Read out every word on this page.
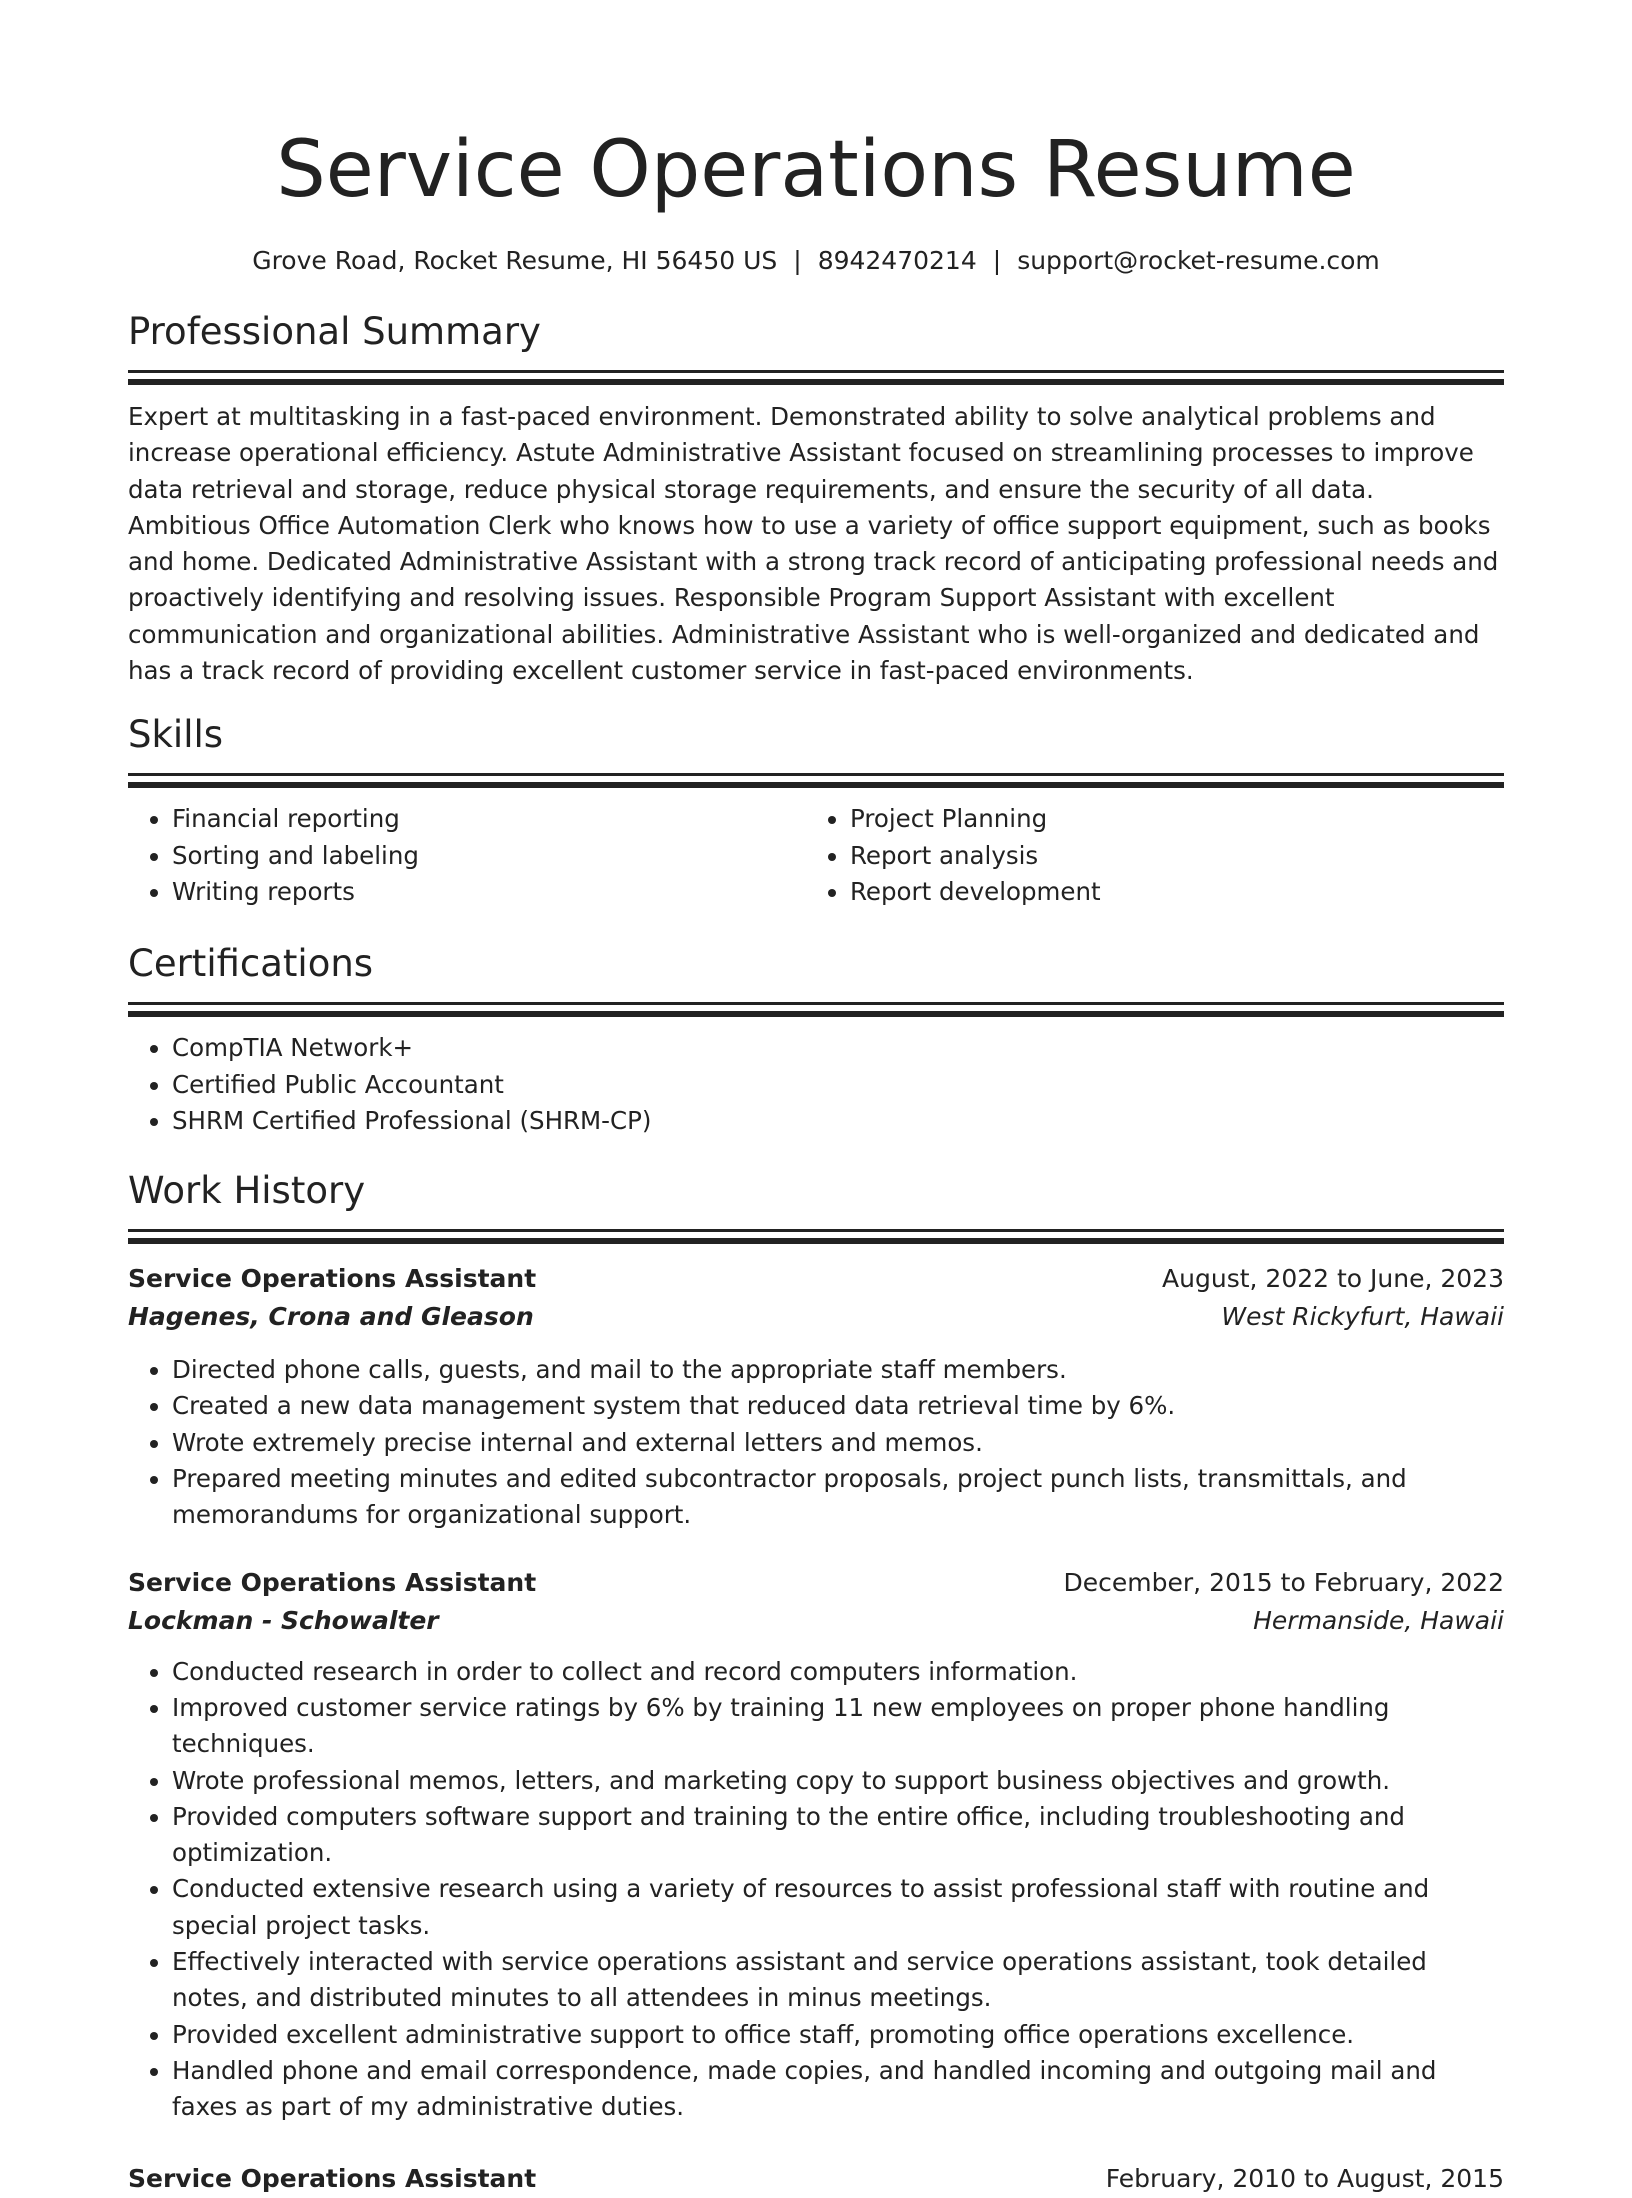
Service Operations Resume
Grove Road, Rocket Resume, HI 56450 US | 8942470214 | support@rocket-resume.com
Professional Summary

Expert at multitasking in a fast-paced environment. Demonstrated ability to solve analytical problems and increase operational efficiency. Astute Administrative Assistant focused on streamlining processes to improve data retrieval and storage, reduce physical storage requirements, and ensure the security of all data. Ambitious Office Automation Clerk who knows how to use a variety of office support equipment, such as books and home. Dedicated Administrative Assistant with a strong track record of anticipating professional needs and proactively identifying and resolving issues. Responsible Program Support Assistant with excellent communication and organizational abilities. Administrative Assistant who is well-organized and dedicated and has a track record of providing excellent customer service in fast-paced environments.

Skills
• Financial reporting
• Sorting and labeling
• Writing reports
• Project Planning
• Report analysis
• Report development
Certifications
• CompTIA Network+
• Certified Public Accountant
• SHRM Certified Professional (SHRM-CP)
Work History
Service Operations Assistant	August, 2022 to June, 2023
Hagenes, Crona and Gleason	West Rickyfurt, Hawaii
• Directed phone calls, guests, and mail to the appropriate staff members.
• Created a new data management system that reduced data retrieval time by 6%.
• Wrote extremely precise internal and external letters and memos.
• Prepared meeting minutes and edited subcontractor proposals, project punch lists, transmittals, and memorandums for organizational support.
Service Operations Assistant	December, 2015 to February, 2022
Lockman - Schowalter	Hermanside, Hawaii
• Conducted research in order to collect and record computers information.
• Improved customer service ratings by 6% by training 11 new employees on proper phone handling techniques.
• Wrote professional memos, letters, and marketing copy to support business objectives and growth.
• Provided computers software support and training to the entire office, including troubleshooting and optimization.
• Conducted extensive research using a variety of resources to assist professional staff with routine and special project tasks.
• Effectively interacted with service operations assistant and service operations assistant, took detailed notes, and distributed minutes to all attendees in minus meetings.
• Provided excellent administrative support to office staff, promoting office operations excellence.
• Handled phone and email correspondence, made copies, and handled incoming and outgoing mail and faxes as part of my administrative duties.
Service Operations Assistant	February, 2010 to August, 2015
